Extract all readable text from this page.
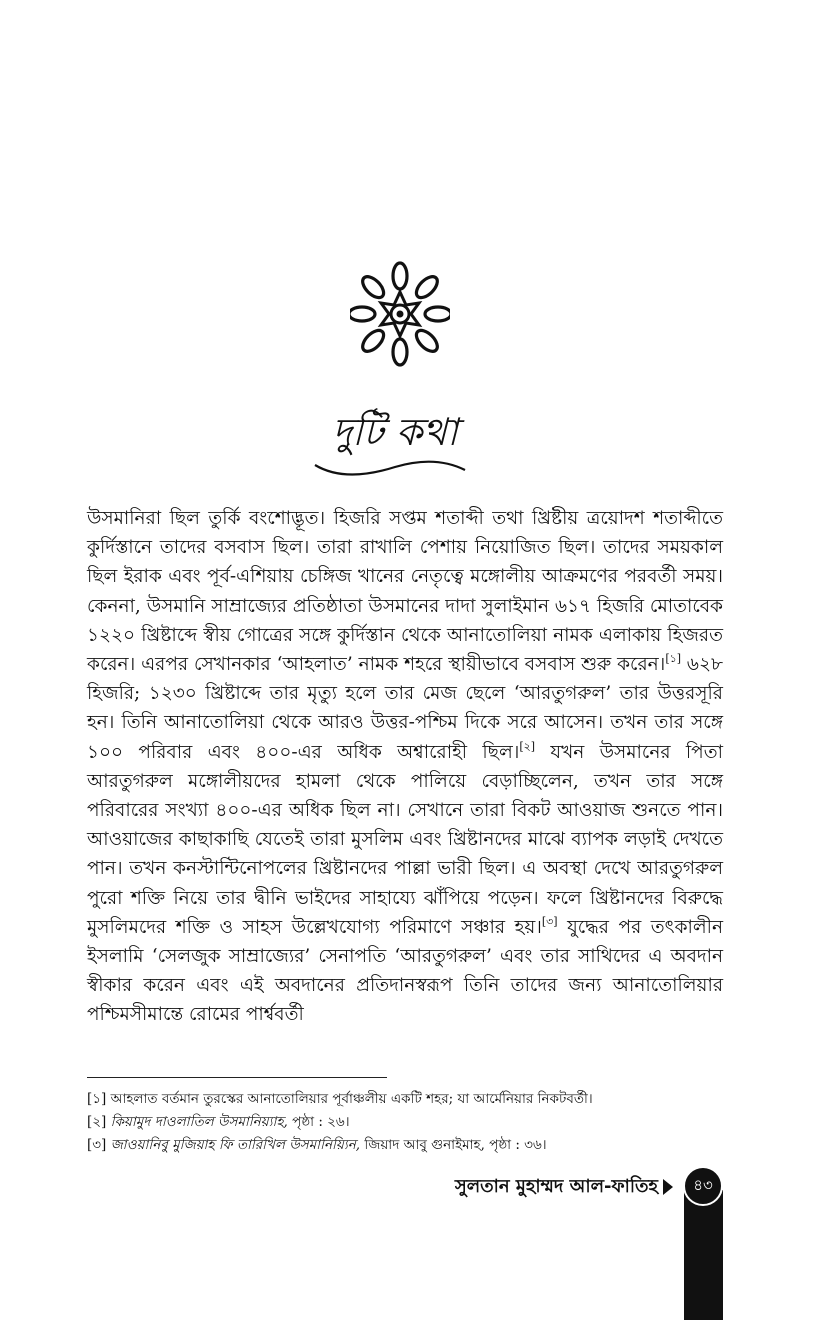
দুটি কথা

উসমানিরা ছিল তুর্কি বংশোদ্ভূত। হিজরি সপ্তম শতাব্দী তথা খ্রিষ্টীয় ত্রয়োদশ শতাব্দীতে কুর্দিস্তানে তাদের বসবাস ছিল। তারা রাখালি পেশায় নিয়োজিত ছিল। তাদের সময়কাল ছিল ইরাক এবং পূর্ব-এশিয়ায় চেঙ্গিজ খানের নেতৃত্বে মঙ্গোলীয় আক্রমণের পরবর্তী সময়। কেননা, উসমানি সাম্রাজ্যের প্রতিষ্ঠাতা উসমানের দাদা সুলাইমান ৬১৭ হিজরি মোতাবেক ১২২০ খ্রিষ্টাব্দে স্বীয় গোত্রের সঙ্গে কুর্দিস্তান থেকে আনাতোলিয়া নামক এলাকায় হিজরত করেন। এরপর সেখানকার ‘আহলাত’ নামক শহরে স্থায়ীভাবে বসবাস শুরু করেন।[১] ৬২৮ হিজরি; ১২৩০ খ্রিষ্টাব্দে তার মৃত্যু হলে তার মেজ ছেলে ‘আরতুগরুল’ তার উত্তরসূরি হন। তিনি আনাতোলিয়া থেকে আরও উত্তর-পশ্চিম দিকে সরে আসেন। তখন তার সঙ্গে ১০০ পরিবার এবং ৪০০-এর অধিক অশ্বারোহী ছিল।[২] যখন উসমানের পিতা আরতুগরুল মঙ্গোলীয়দের হামলা থেকে পালিয়ে বেড়াচ্ছিলেন, তখন তার সঙ্গে পরিবারের সংখ্যা ৪০০-এর অধিক ছিল না। সেখানে তারা বিকট আওয়াজ শুনতে পান। আওয়াজের কাছাকাছি যেতেই তারা মুসলিম এবং খ্রিষ্টানদের মাঝে ব্যাপক লড়াই দেখতে পান। তখন কনস্টান্টিনোপলের খ্রিষ্টানদের পাল্লা ভারী ছিল। এ অবস্থা দেখে আরতুগরুল পুরো শক্তি নিয়ে তার দ্বীনি ভাইদের সাহায্যে ঝাঁপিয়ে পড়েন। ফলে খ্রিষ্টানদের বিরুদ্ধে মুসলিমদের শক্তি ও সাহস উল্লেখযোগ্য পরিমাণে সঞ্চার হয়।[৩] যুদ্ধের পর তৎকালীন ইসলামি ‘সেলজুক সাম্রাজ্যের’ সেনাপতি ‘আরতুগরুল’ এবং তার সাথিদের এ অবদান স্বীকার করেন এবং এই অবদানের প্রতিদানস্বরূপ তিনি তাদের জন্য আনাতোলিয়ার পশ্চিমসীমান্তে রোমের পার্শ্ববর্তী

[১] আহলাত বর্তমান তুরস্কের আনাতোলিয়ার পূর্বাঞ্চলীয় একটি শহর; যা আর্মেনিয়ার নিকটবর্তী।
[২] কিয়ামুদ দাওলাতিল উসমানিয়্যাহ, পৃষ্ঠা : ২৬।
[৩] জাওয়ানিবু মুজিয়াহ ফি তারিখিল উসমানিয়্যিন, জিয়াদ আবু গুনাইমাহ, পৃষ্ঠা : ৩৬।
সুলতান মুহাম্মদ আল-ফাতিহ	৪৩
